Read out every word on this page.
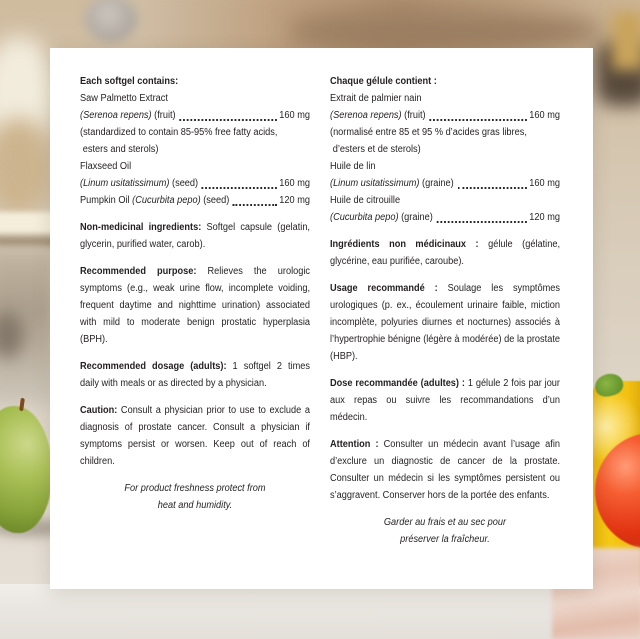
Each softgel contains:
Saw Palmetto Extract
(Serenoa repens) (fruit)	160 mg
(standardized to contain 85-95% free fatty acids,
esters and sterols)
Flaxseed Oil
(Linum usitatissimum) (seed)	160 mg
Pumpkin Oil (Cucurbita pepo) (seed)	120 mg

Non-medicinal ingredients: Softgel capsule (gelatin, glycerin, purified water, carob).

Recommended purpose: Relieves the urologic symptoms (e.g., weak urine flow, incomplete voiding, frequent daytime and nighttime urination) associated with mild to moderate benign prostatic hyperplasia (BPH).

Recommended dosage (adults): 1 softgel 2 times daily with meals or as directed by a physician.

Caution: Consult a physician prior to use to exclude a diagnosis of prostate cancer. Consult a physician if symptoms persist or worsen. Keep out of reach of children.

For product freshness protect from
heat and humidity.

Chaque gélule contient :
Extrait de palmier nain
(Serenoa repens) (fruit)	160 mg
(normalisé entre 85 et 95 % d’acides gras libres,
d’esters et de sterols)
Huile de lin
(Linum usitatissimum) (graine)	160 mg
Huile de citrouille
(Cucurbita pepo) (graine)	120 mg

Ingrédients non médicinaux : gélule (gélatine, glycérine, eau purifiée, caroube).

Usage recommandé : Soulage les symptômes urologiques (p. ex., écoulement urinaire faible, miction incomplète, polyuries diurnes et nocturnes) associés à l’hypertrophie bénigne (légère à modérée) de la prostate (HBP).

Dose recommandée (adultes) : 1 gélule 2 fois par jour aux repas ou suivre les recommandations d’un médecin.

Attention : Consulter un médecin avant l’usage afin d’exclure un diagnostic de cancer de la prostate. Consulter un médecin si les symptômes persistent ou s’aggravent. Conserver hors de la portée des enfants.

Garder au frais et au sec pour
préserver la fraîcheur.
